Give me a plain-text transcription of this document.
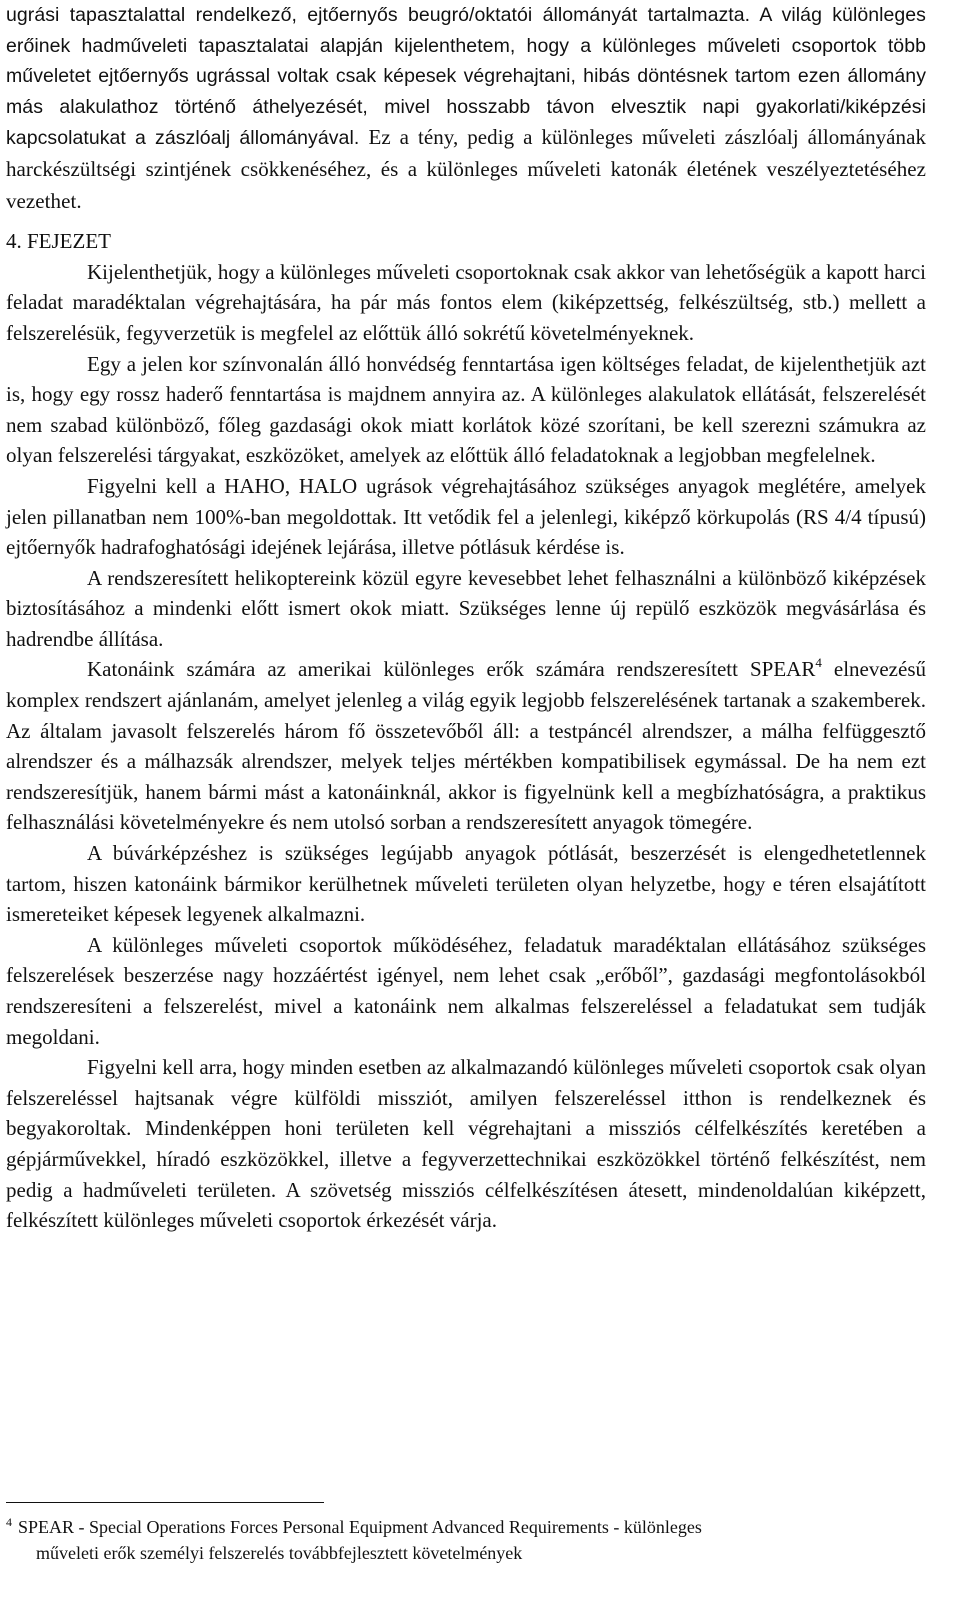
ugrási tapasztalattal rendelkező, ejtőernyős beugró/oktatói állományát tartalmazta. A világ különleges erőinek hadműveleti tapasztalatai alapján kijelenthetem, hogy a különleges műveleti csoportok több műveletet ejtőernyős ugrással voltak csak képesek végrehajtani, hibás döntésnek tartom ezen állomány más alakulathoz történő áthelyezését, mivel hosszabb távon elvesztik napi gyakorlati/kiképzési kapcsolatukat a zászlóalj állományával. Ez a tény, pedig a különleges műveleti zászlóalj állományának harckészültségi szintjének csökkenéséhez, és a különleges műveleti katonák életének veszélyeztetéséhez vezethet.

4. FEJEZET

Kijelenthetjük, hogy a különleges műveleti csoportoknak csak akkor van lehetőségük a kapott harci feladat maradéktalan végrehajtására, ha pár más fontos elem (kiképzettség, felkészültség, stb.) mellett a felszerelésük, fegyverzetük is megfelel az előttük álló sokrétű követelményeknek.

Egy a jelen kor színvonalán álló honvédség fenntartása igen költséges feladat, de kijelenthetjük azt is, hogy egy rossz haderő fenntartása is majdnem annyira az. A különleges alakulatok ellátását, felszerelését nem szabad különböző, főleg gazdasági okok miatt korlátok közé szorítani, be kell szerezni számukra az olyan felszerelési tárgyakat, eszközöket, amelyek az előttük álló feladatoknak a legjobban megfelelnek.

Figyelni kell a HAHO, HALO ugrások végrehajtásához szükséges anyagok meglétére, amelyek jelen pillanatban nem 100%-ban megoldottak. Itt vetődik fel a jelenlegi, kiképző körkupolás (RS 4/4 típusú) ejtőernyők hadrafoghatósági idejének lejárása, illetve pótlásuk kérdése is.

A rendszeresített helikoptereink közül egyre kevesebbet lehet felhasználni a különböző kiképzések biztosításához a mindenki előtt ismert okok miatt. Szükséges lenne új repülő eszközök megvásárlása és hadrendbe állítása.

Katonáink számára az amerikai különleges erők számára rendszeresített SPEAR$^4$ elnevezésű komplex rendszert ajánlanám, amelyet jelenleg a világ egyik legjobb felszerelésének tartanak a szakemberek. Az általam javasolt felszerelés három fő összetevőből áll: a testpáncél alrendszer, a málha felfüggesztő alrendszer és a málhazsák alrendszer, melyek teljes mértékben kompatibilisek egymással. De ha nem ezt rendszeresítjük, hanem bármi mást a katonáinknál, akkor is figyelnünk kell a megbízhatóságra, a praktikus felhasználási követelményekre és nem utolsó sorban a rendszeresített anyagok tömegére.

A búvárképzéshez is szükséges legújabb anyagok pótlását, beszerzését is elengedhetetlennek tartom, hiszen katonáink bármikor kerülhetnek műveleti területen olyan helyzetbe, hogy e téren elsajátított ismereteiket képesek legyenek alkalmazni.

A különleges műveleti csoportok működéséhez, feladatuk maradéktalan ellátásához szükséges felszerelések beszerzése nagy hozzáértést igényel, nem lehet csak „erőből”, gazdasági megfontolásokból rendszeresíteni a felszerelést, mivel a katonáink nem alkalmas felszereléssel a feladatukat sem tudják megoldani.

Figyelni kell arra, hogy minden esetben az alkalmazandó különleges műveleti csoportok csak olyan felszereléssel hajtsanak végre külföldi missziót, amilyen felszereléssel itthon is rendelkeznek és begyakoroltak. Mindenképpen honi területen kell végrehajtani a missziós célfelkészítés keretében a gépjárművekkel, híradó eszközökkel, illetve a fegyverzettechnikai eszközökkel történő felkészítést, nem pedig a hadműveleti területen. A szövetség missziós célfelkészítésen átesett, mindenoldalúan kiképzett, felkészített különleges műveleti csoportok érkezését várja.

$^4$ SPEAR - Special Operations Forces Personal Equipment Advanced Requirements - különleges
műveleti erők személyi felszerelés továbbfejlesztett követelmények
